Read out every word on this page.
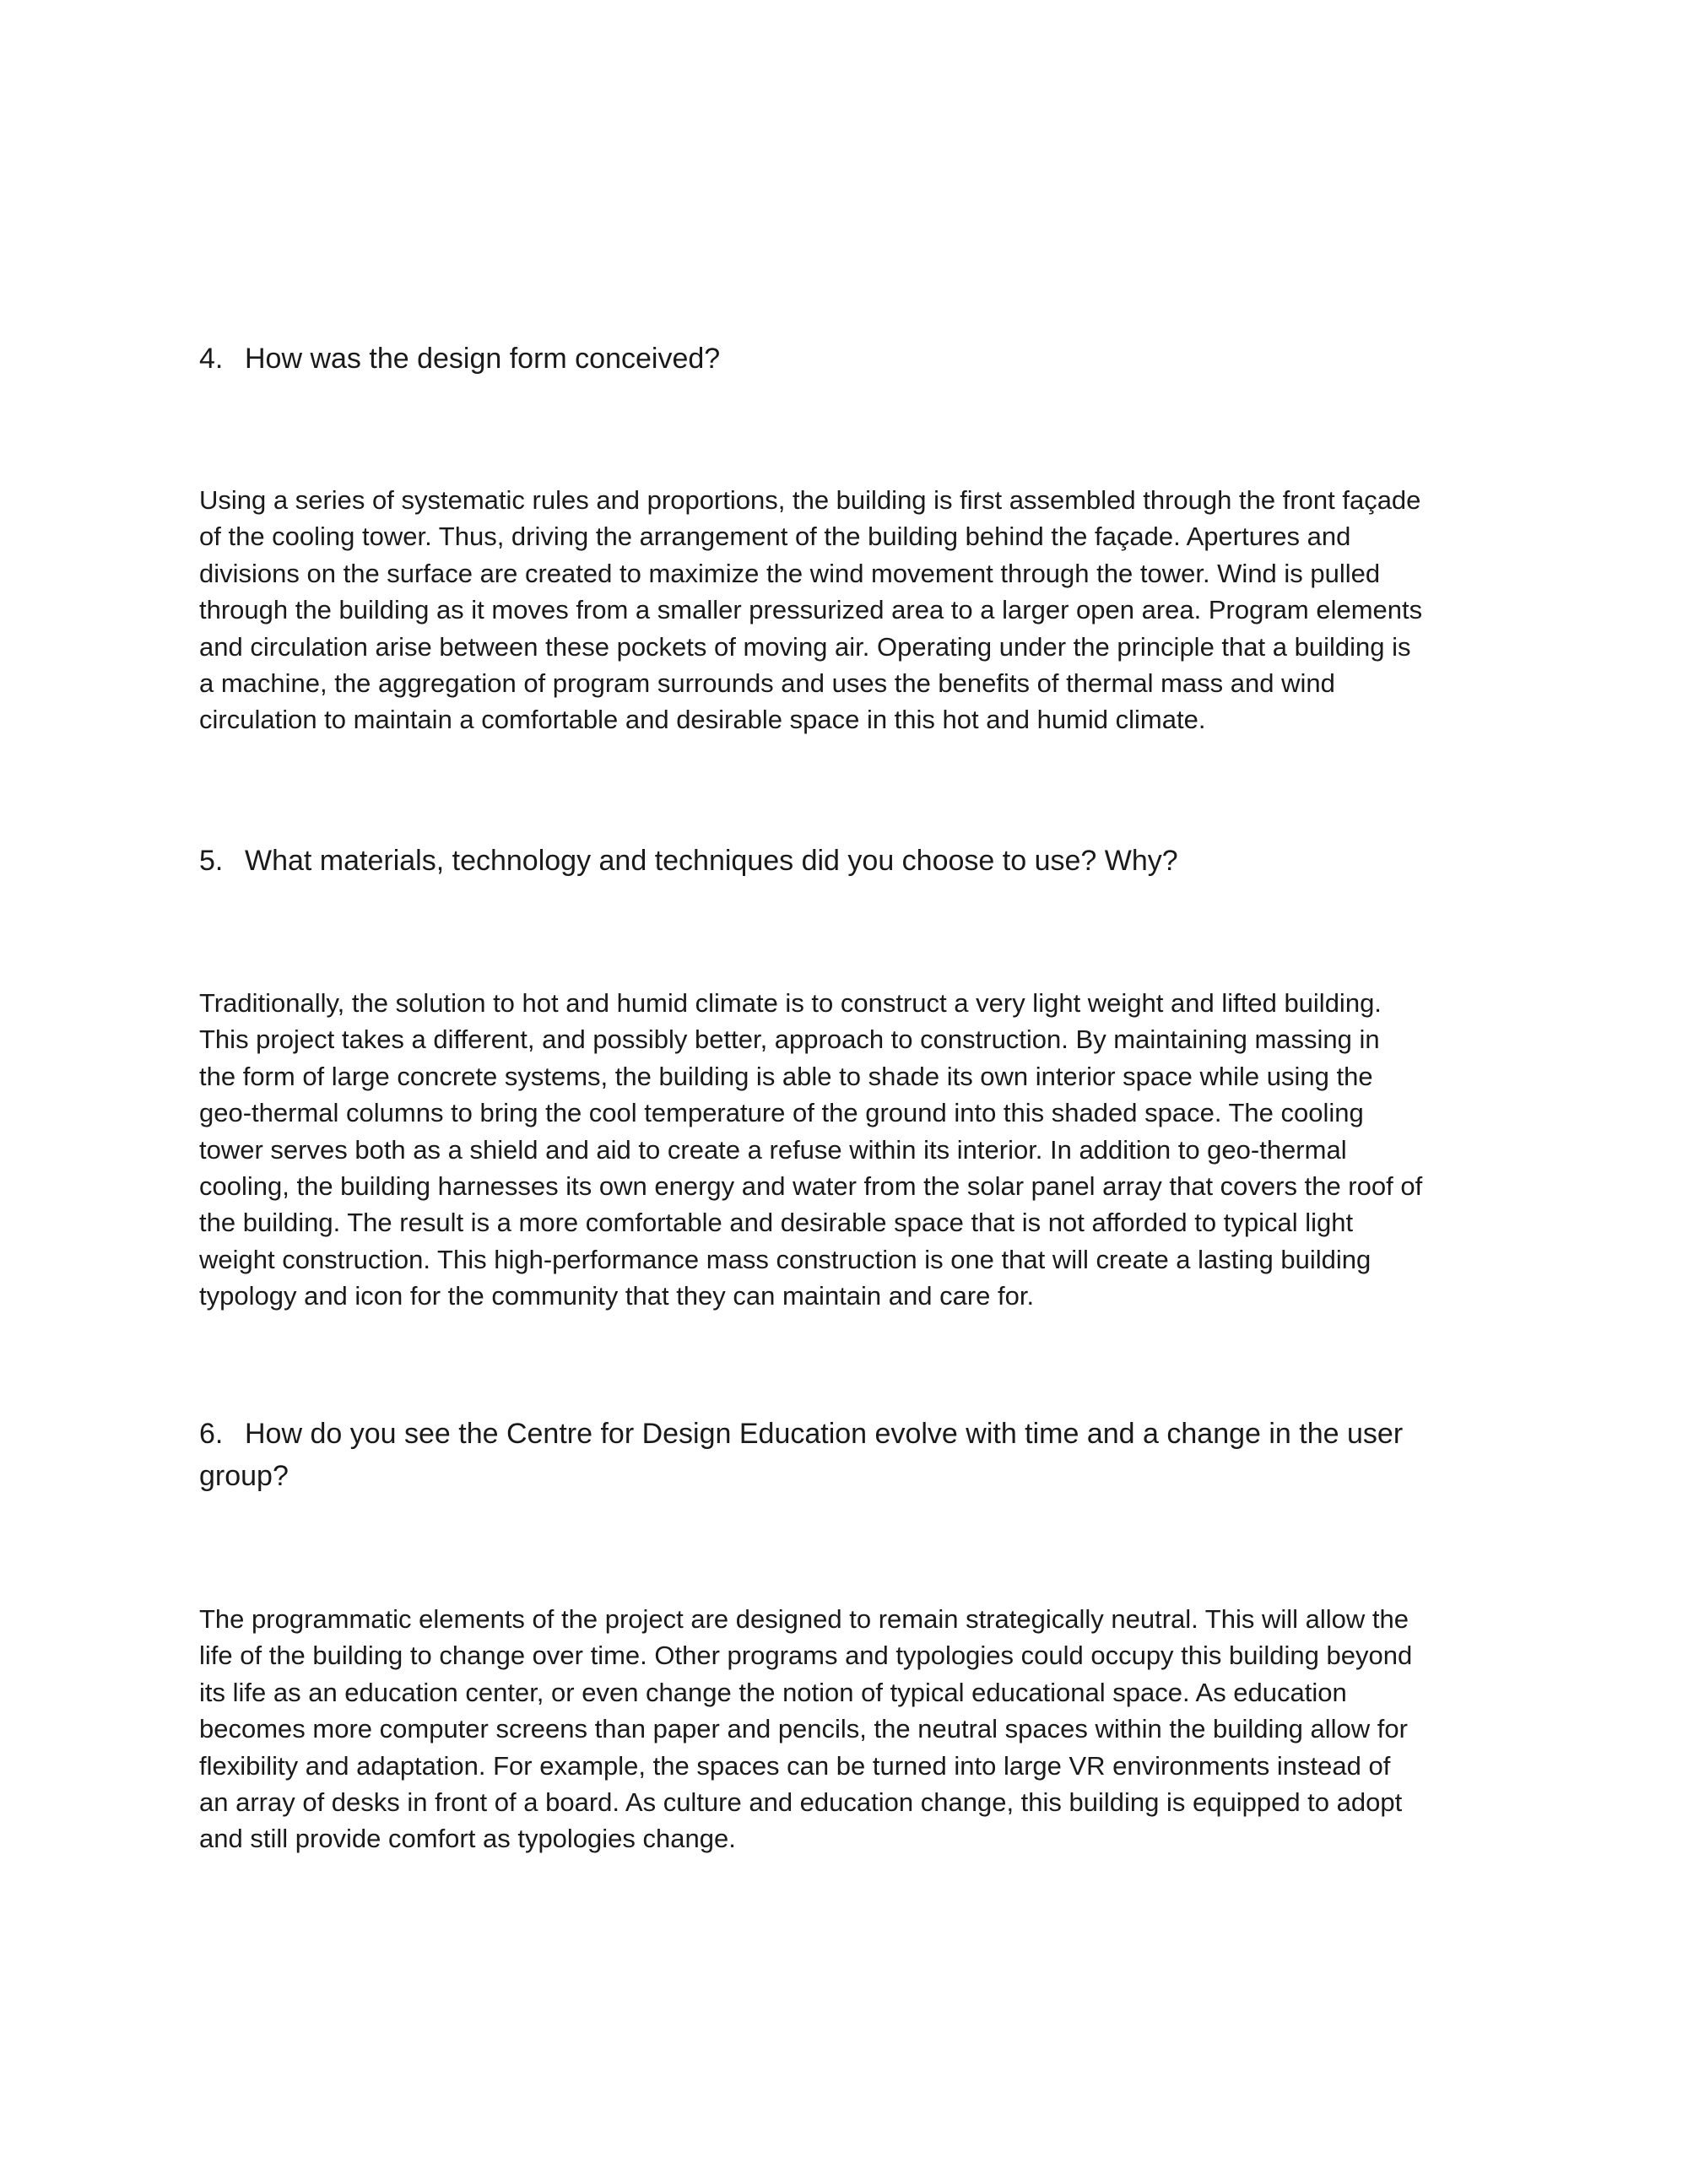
4. How was the design form conceived?

Using a series of systematic rules and proportions, the building is first assembled through the front façade
of the cooling tower. Thus, driving the arrangement of the building behind the façade. Apertures and
divisions on the surface are created to maximize the wind movement through the tower. Wind is pulled
through the building as it moves from a smaller pressurized area to a larger open area. Program elements
and circulation arise between these pockets of moving air. Operating under the principle that a building is
a machine, the aggregation of program surrounds and uses the benefits of thermal mass and wind
circulation to maintain a comfortable and desirable space in this hot and humid climate.

5. What materials, technology and techniques did you choose to use? Why?

Traditionally, the solution to hot and humid climate is to construct a very light weight and lifted building.
This project takes a different, and possibly better, approach to construction. By maintaining massing in
the form of large concrete systems, the building is able to shade its own interior space while using the
geo-thermal columns to bring the cool temperature of the ground into this shaded space. The cooling
tower serves both as a shield and aid to create a refuse within its interior. In addition to geo-thermal
cooling, the building harnesses its own energy and water from the solar panel array that covers the roof of
the building. The result is a more comfortable and desirable space that is not afforded to typical light
weight construction. This high-performance mass construction is one that will create a lasting building
typology and icon for the community that they can maintain and care for.

6. How do you see the Centre for Design Education evolve with time and a change in the user
group?

The programmatic elements of the project are designed to remain strategically neutral. This will allow the
life of the building to change over time. Other programs and typologies could occupy this building beyond
its life as an education center, or even change the notion of typical educational space. As education
becomes more computer screens than paper and pencils, the neutral spaces within the building allow for
flexibility and adaptation. For example, the spaces can be turned into large VR environments instead of
an array of desks in front of a board. As culture and education change, this building is equipped to adopt
and still provide comfort as typologies change.
